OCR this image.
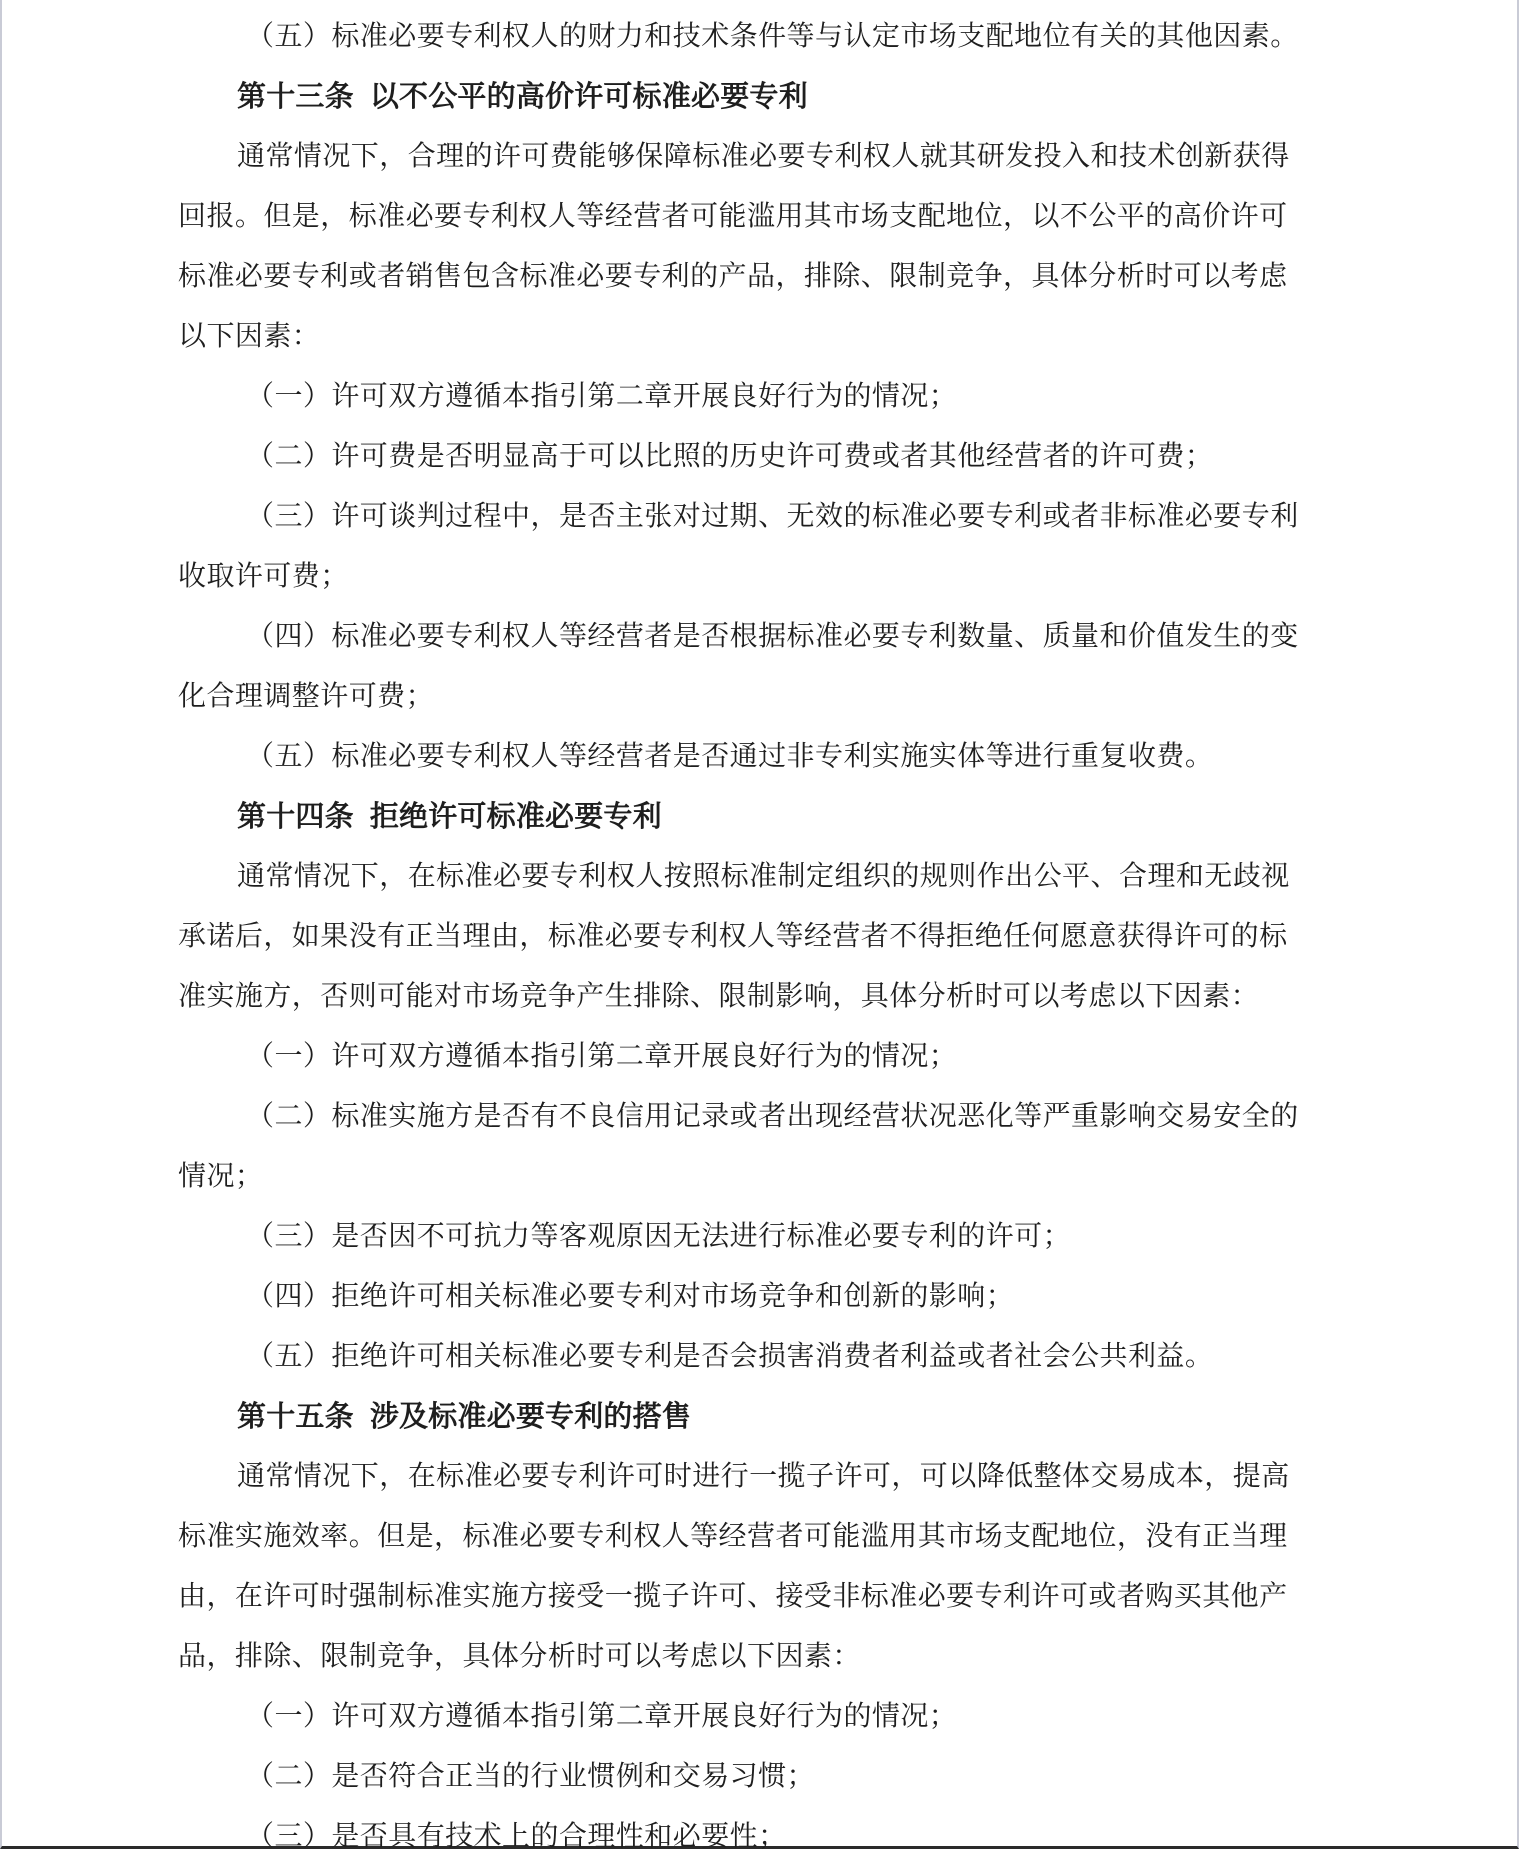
（五）标准必要专利权人的财力和技术条件等与认定市场支配地位有关的其他因素。
第十三条 以不公平的高价许可标准必要专利
通常情况下，合理的许可费能够保障标准必要专利权人就其研发投入和技术创新获得
回报。但是，标准必要专利权人等经营者可能滥用其市场支配地位，以不公平的高价许可
标准必要专利或者销售包含标准必要专利的产品，排除、限制竞争，具体分析时可以考虑
以下因素：
（一）许可双方遵循本指引第二章开展良好行为的情况；
（二）许可费是否明显高于可以比照的历史许可费或者其他经营者的许可费；
（三）许可谈判过程中，是否主张对过期、无效的标准必要专利或者非标准必要专利
收取许可费；
（四）标准必要专利权人等经营者是否根据标准必要专利数量、质量和价值发生的变
化合理调整许可费；
（五）标准必要专利权人等经营者是否通过非专利实施实体等进行重复收费。
第十四条 拒绝许可标准必要专利
通常情况下，在标准必要专利权人按照标准制定组织的规则作出公平、合理和无歧视
承诺后，如果没有正当理由，标准必要专利权人等经营者不得拒绝任何愿意获得许可的标
准实施方，否则可能对市场竞争产生排除、限制影响，具体分析时可以考虑以下因素：
（一）许可双方遵循本指引第二章开展良好行为的情况；
（二）标准实施方是否有不良信用记录或者出现经营状况恶化等严重影响交易安全的
情况；
（三）是否因不可抗力等客观原因无法进行标准必要专利的许可；
（四）拒绝许可相关标准必要专利对市场竞争和创新的影响；
（五）拒绝许可相关标准必要专利是否会损害消费者利益或者社会公共利益。
第十五条 涉及标准必要专利的搭售
通常情况下，在标准必要专利许可时进行一揽子许可，可以降低整体交易成本，提高
标准实施效率。但是，标准必要专利权人等经营者可能滥用其市场支配地位，没有正当理
由，在许可时强制标准实施方接受一揽子许可、接受非标准必要专利许可或者购买其他产
品，排除、限制竞争，具体分析时可以考虑以下因素：
（一）许可双方遵循本指引第二章开展良好行为的情况；
（二）是否符合正当的行业惯例和交易习惯；
（三）是否具有技术上的合理性和必要性；
